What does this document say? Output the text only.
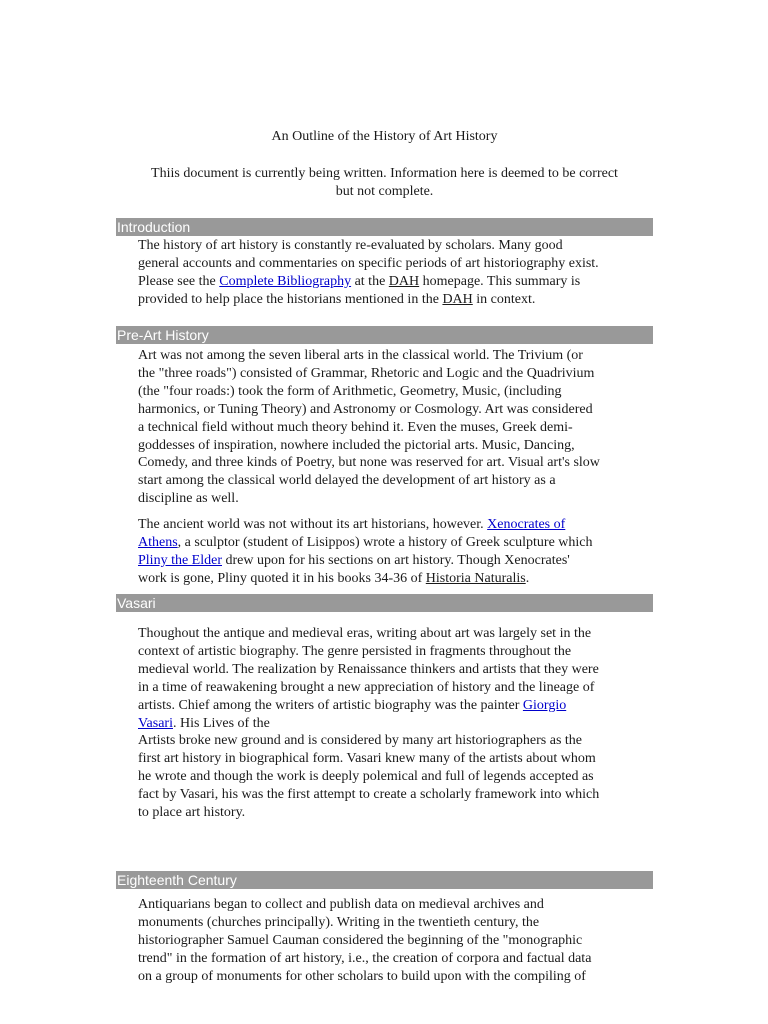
An Outline of the History of Art History
Thiis document is currently being written. Information here is deemed to be correct
but not complete.
Introduction
The history of art history is constantly re-evaluated by scholars. Many good
general accounts and commentaries on specific periods of art historiography exist.
Please see the Complete Bibliography at the DAH homepage. This summary is
provided to help place the historians mentioned in the DAH in context.
Pre-Art History
Art was not among the seven liberal arts in the classical world. The Trivium (or
the "three roads") consisted of Grammar, Rhetoric and Logic and the Quadrivium
(the "four roads:) took the form of Arithmetic, Geometry, Music, (including
harmonics, or Tuning Theory) and Astronomy or Cosmology. Art was considered
a technical field without much theory behind it. Even the muses, Greek demi-
goddesses of inspiration, nowhere included the pictorial arts. Music, Dancing,
Comedy, and three kinds of Poetry, but none was reserved for art. Visual art's slow
start among the classical world delayed the development of art history as a
discipline as well.
The ancient world was not without its art historians, however. Xenocrates of
Athens, a sculptor (student of Lisippos) wrote a history of Greek sculpture which
Pliny the Elder drew upon for his sections on art history. Though Xenocrates'
work is gone, Pliny quoted it in his books 34-36 of Historia Naturalis.
Vasari
Thoughout the antique and medieval eras, writing about art was largely set in the
context of artistic biography. The genre persisted in fragments throughout the
medieval world. The realization by Renaissance thinkers and artists that they were
in a time of reawakening brought a new appreciation of history and the lineage of
artists. Chief among the writers of artistic biography was the painter Giorgio
Vasari. His Lives of the
Artists broke new ground and is considered by many art historiographers as the
first art history in biographical form. Vasari knew many of the artists about whom
he wrote and though the work is deeply polemical and full of legends accepted as
fact by Vasari, his was the first attempt to create a scholarly framework into which
to place art history.
Eighteenth Century
Antiquarians began to collect and publish data on medieval archives and
monuments (churches principally). Writing in the twentieth century, the
historiographer Samuel Cauman considered the beginning of the "monographic
trend" in the formation of art history, i.e., the creation of corpora and factual data
on a group of monuments for other scholars to build upon with the compiling of
